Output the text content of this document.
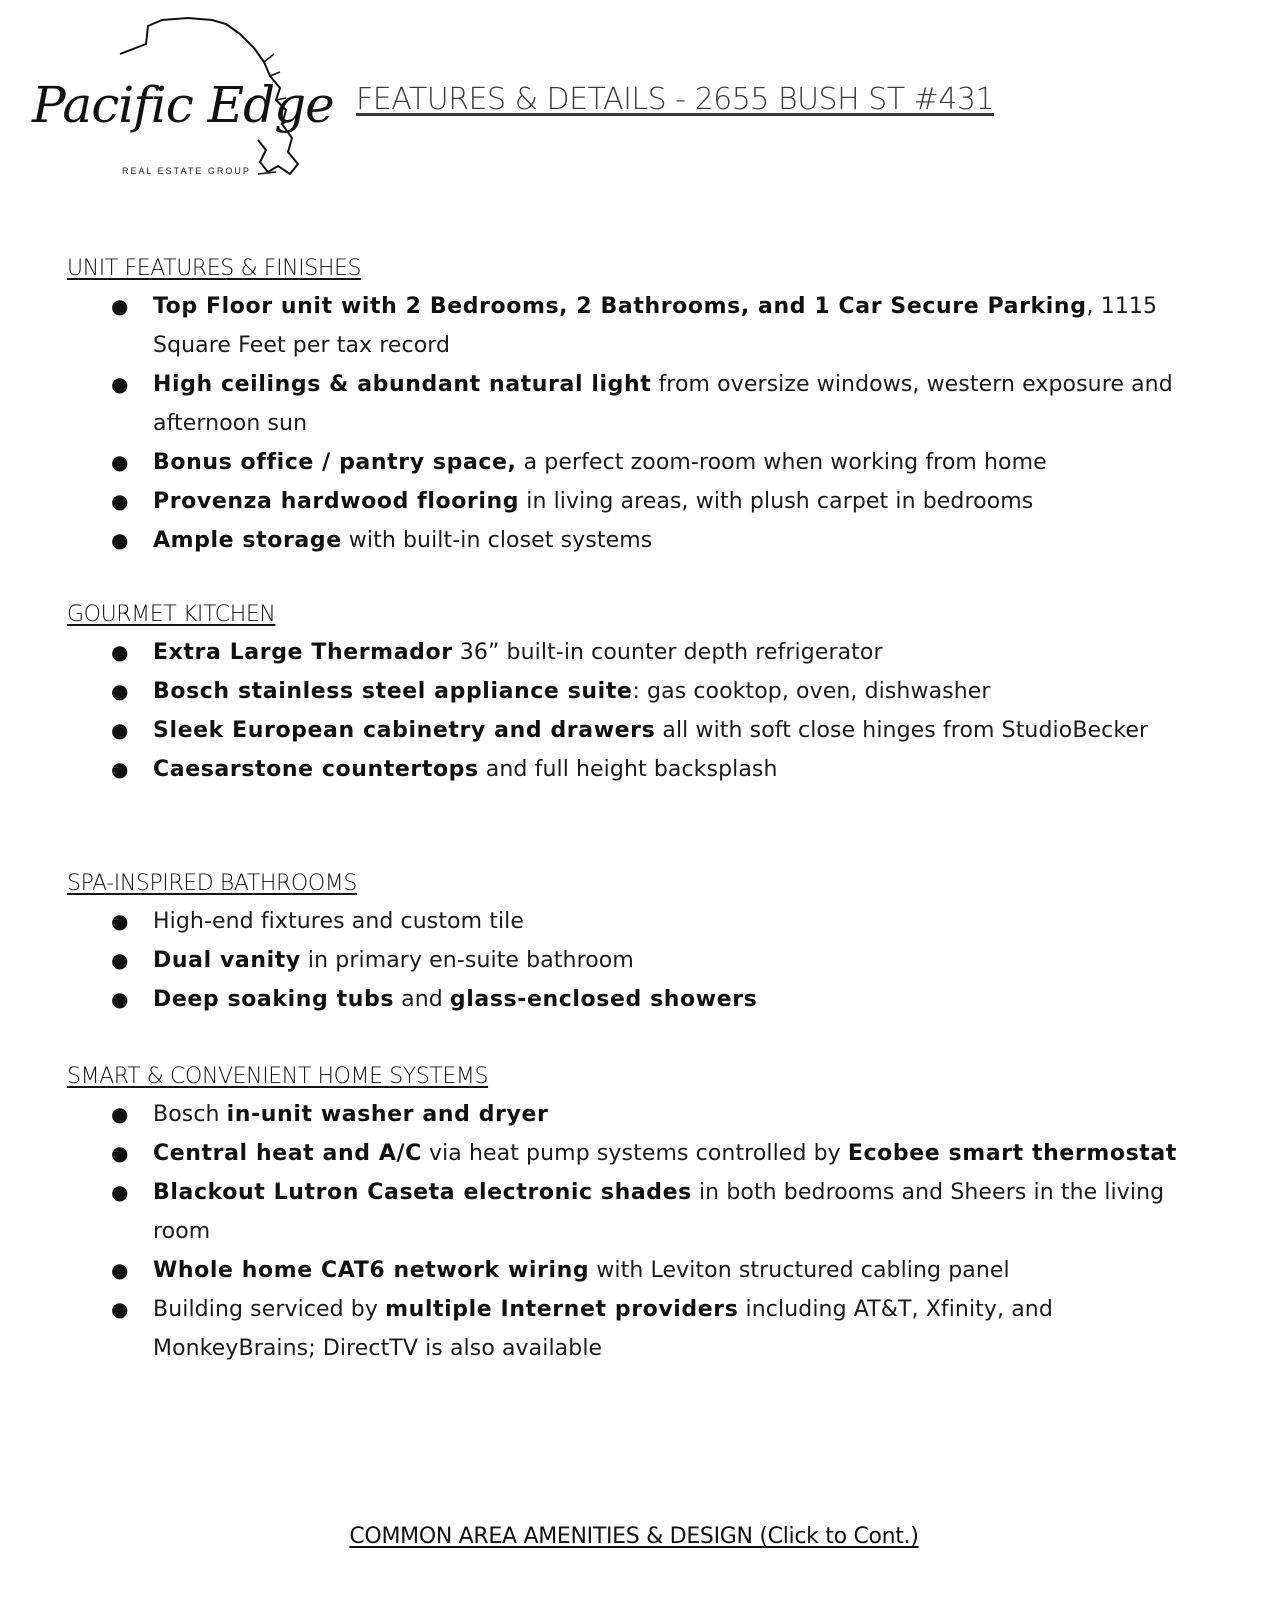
Pacific Edge
REAL ESTATE GROUP
FEATURES & DETAILS - 2655 BUSH ST #431
UNIT FEATURES & FINISHES
● Top Floor unit with 2 Bedrooms, 2 Bathrooms, and 1 Car Secure Parking, 1115 Square Feet per tax record
● High ceilings & abundant natural light from oversize windows, western exposure and afternoon sun
● Bonus office / pantry space, a perfect zoom-room when working from home
● Provenza hardwood flooring in living areas, with plush carpet in bedrooms
● Ample storage with built-in closet systems
GOURMET KITCHEN
● Extra Large Thermador 36” built-in counter depth refrigerator
● Bosch stainless steel appliance suite: gas cooktop, oven, dishwasher
● Sleek European cabinetry and drawers all with soft close hinges from StudioBecker
● Caesarstone countertops and full height backsplash
SPA-INSPIRED BATHROOMS
● High-end fixtures and custom tile
● Dual vanity in primary en-suite bathroom
● Deep soaking tubs and glass-enclosed showers
SMART & CONVENIENT HOME SYSTEMS
● Bosch in-unit washer and dryer
● Central heat and A/C via heat pump systems controlled by Ecobee smart thermostat
● Blackout Lutron Caseta electronic shades in both bedrooms and Sheers in the living room
● Whole home CAT6 network wiring with Leviton structured cabling panel
● Building serviced by multiple Internet providers including AT&T, Xfinity, and MonkeyBrains; DirectTV is also available
COMMON AREA AMENITIES & DESIGN (Click to Cont.)
